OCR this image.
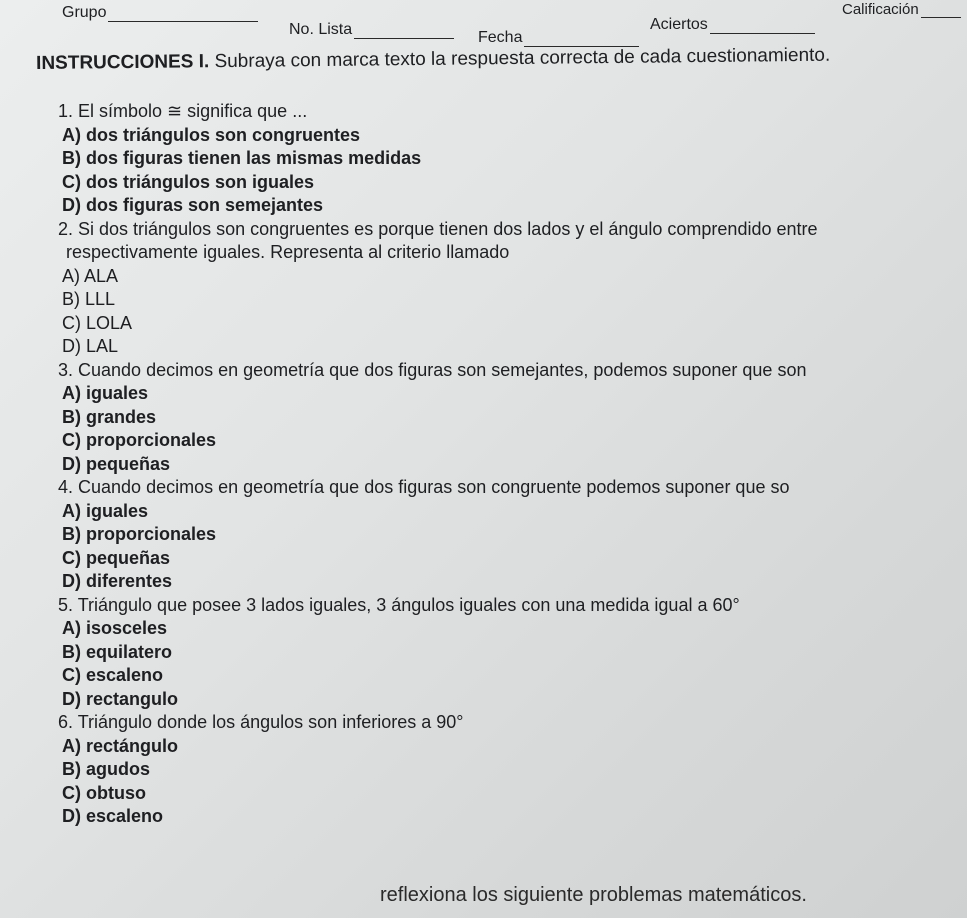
Grupo
No. Lista	Fecha
Aciertos
Calificación
INSTRUCCIONES I. Subraya con marca texto la respuesta correcta de cada cuestionamiento.
1. El símbolo ≅ significa que ...
A) dos triángulos son congruentes
B) dos figuras tienen las mismas medidas
C) dos triángulos son iguales
D) dos figuras son semejantes
2. Si dos triángulos son congruentes es porque tienen dos lados y el ángulo comprendido entre
respectivamente iguales. Representa al criterio llamado
A) ALA
B) LLL
C) LOLA
D) LAL
3. Cuando decimos en geometría que dos figuras son semejantes, podemos suponer que son
A) iguales
B) grandes
C) proporcionales
D) pequeñas
4. Cuando decimos en geometría que dos figuras son congruente podemos suponer que so
A) iguales
B) proporcionales
C) pequeñas
D) diferentes
5. Triángulo que posee 3 lados iguales, 3 ángulos iguales con una medida igual a 60°
A) isosceles
B) equilatero
C) escaleno
D) rectangulo
6. Triángulo donde los ángulos son inferiores a 90°
A) rectángulo
B) agudos
C) obtuso
D) escaleno
reflexiona los siguiente problemas matemáticos.
